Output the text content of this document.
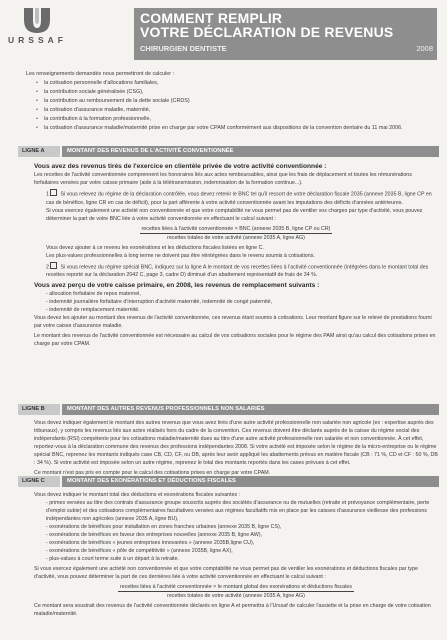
URSSAF
COMMENT REMPLIR
VOTRE DÉCLARATION DE REVENUS
CHIRURGIEN DENTISTE	2008

Les renseignements demandés nous permettront de calculer :

• la cotisation personnelle d'allocations familiales,
• la contribution sociale généralisée (CSG),
• la contribution au remboursement de la dette sociale (CRDS)
• la cotisation d'assurance maladie, maternité,
• la contribution à la formation professionnelle,
• la cotisation d'assurance maladie/maternité prise en charge par votre CPAM conformément aux dispositions de la convention dentaire du 11 mai 2006.
LIGNE A	MONTANT DES REVENUS DE L'ACTIVITÉ CONVENTIONNÉE

Vous avez des revenus tirés de l'exercice en clientèle privée de votre activité conventionnée :

Les recettes de l'activité conventionnée comprennent les honoraires liés aux actes remboursables, ainsi que les frais de déplacement et toutes les rémunérations forfaitaires versées par votre caisse primaire (aide à la télétransmission, indemnisation de la formation continue...).

1 Si vous relevez du régime de la déclaration contrôlée, vous devez retenir le BNC tel qu'il ressort de votre déclaration fiscale 2035 (annexe 2035 B, ligne CP en cas de bénéfice, ligne CR en cas de déficit), pour la part afférente à votre activité conventionnée avant les imputations des déficits d'années antérieures.

Si vous exercez également une activité non conventionnée et que votre comptabilité ne vous permet pas de ventiler vos charges par type d'activité, vous pouvez déterminer la part de votre BNC liée à votre activité conventionnée en effectuant le calcul suivant :

recettes liées à l'activité conventionnée × BNC (annexe 2035 B, ligne CP ou CR)
recettes totales de votre activité (annexe 2035 A, ligne AG)

Vous devez ajouter à ce revenu les exonérations et les déductions fiscales listées en ligne C.

Les plus-values professionnelles à long terme ne doivent pas être réintégrées dans le revenu soumis à cotisations.

2 Si vous relevez du régime spécial BNC, indiquez sur la ligne A le montant de vos recettes liées à l'activité conventionnée (intégrées dans le montant total des recettes reporté sur la déclaration 2042 C, page 3, cadre D) diminué d'un abattement représentatif de frais de 34 %.

Vous avez perçu de votre caisse primaire, en 2008, les revenus de remplacement suivants :

- allocation forfaitaire de repos maternel,

- indemnité journalière forfaitaire d'interruption d'activité maternité, indemnité de congé paternité,

- indemnité de remplacement maternité.

Vous devez les ajouter au montant des revenus de l'activité conventionnée, ces revenus étant soumis à cotisations. Leur montant figure sur le relevé de prestations fourni par votre caisse d'assurance maladie.

Le montant des revenus de l'activité conventionnée est nécessaire au calcul de vos cotisations sociales pour le régime des PAM ainsi qu'au calcul des cotisations prises en charge par votre CPAM.

LIGNE B	MONTANT DES AUTRES REVENUS PROFESSIONNELS NON SALARIÉS

Vous devez indiquer également le montant des autres revenus que vous avez tirés d'une autre activité professionnelle non salariée non agricole (ex : expertise auprès des tribunaux), y compris les revenus liés aux actes réalisés hors du cadre de la convention. Ces revenus doivent être déclarés auprès de la caisse du régime social des indépendants (RSI) compétente pour les cotisations maladie/maternité dues au titre d'une autre activité professionnelle non salariée et non conventionnée. À cet effet, reportez-vous à la déclaration commune des revenus des professions indépendantes 2008. Si votre activité est imposée selon le régime de la micro-entreprise ou le régime spécial BNC, reprenez les montants indiqués case CB, CD, CF, ou DB, après leur avoir appliqué les abattements prévus en matière fiscale (CB : 71 %, CD et CF : 50 %, DB : 34 %). Si votre activité est imposée selon un autre régime, reprenez le total des montants reportés dans les cases prévues à cet effet.

Ce montant n'est pas pris en compte pour le calcul des cotisations prises en charge par votre CPAM.

LIGNE C	MONTANT DES EXONÉRATIONS ET DÉDUCTIONS FISCALES

Vous devez indiquer le montant total des déductions et exonérations fiscales suivantes :

- primes versées au titre des contrats d'assurance groupe souscrits auprès des sociétés d'assurance ou de mutuelles (retraite et prévoyance complémentaire, perte d'emploi subie) et des cotisations complémentaires facultatives versées aux régimes facultatifs mis en place par les caisses d'assurance vieillesse des professions indépendantes non agricoles (annexe 2035 A, ligne BU),

- exonérations de bénéfices pour installation en zones franches urbaines (annexe 2035 B, ligne CS),

- exonérations de bénéfices en faveur des entreprises nouvelles (annexe 2035 B, ligne AW),

- exonérations de bénéfices « jeunes entreprises innovantes » (annexe 2035B,ligne CU),

- exonérations de bénéfices « pôle de compétitivité » (annexe 2035B, ligne AX),

- plus-values à court terme suite à un départ à la retraite.

Si vous exercez également une activité non conventionnée et que votre comptabilité ne vous permet pas de ventiler les exonérations et déductions fiscales par type d'activité, vous pouvez déterminer la part de ces dernières liée à votre activité conventionnée en effectuant le calcul suivant :

recettes liées à l'activité conventionnée × le montant global des exonérations et déductions fiscales
recettes totales de votre activité (annexe 2035 A, ligne AG)

Ce montant sera soustrait des revenus de l'activité conventionnée déclarés en ligne A et permettra à l'Urssaf de calculer l'assiette et la prise en charge de votre cotisation maladie/maternité.
